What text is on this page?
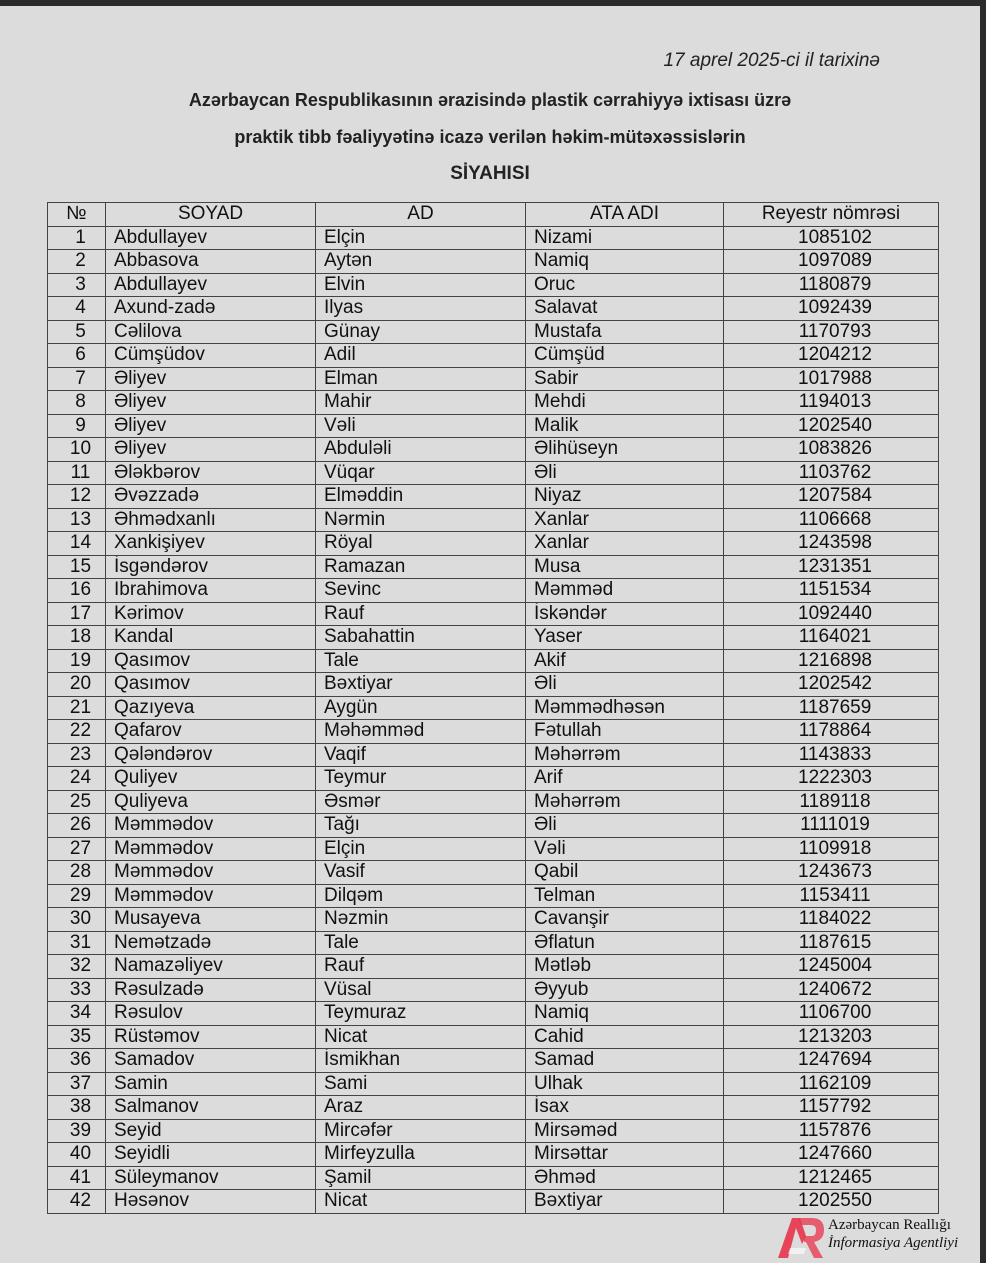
17 aprel 2025-ci il tarixinə
Azərbaycan Respublikasının ərazisində plastik cərrahiyyə ixtisası üzrə
praktik tibb fəaliyyətinə icazə verilən həkim-mütəxəssislərin
SİYAHISI
№	SOYAD	AD	ATA ADI	Reyestr nömrəsi
1	Abdullayev	Elçin	Nizami	1085102
2	Abbasova	Aytən	Namiq	1097089
3	Abdullayev	Elvin	Oruc	1180879
4	Axund-zadə	Ilyas	Salavat	1092439
5	Cəlilova	Günay	Mustafa	1170793
6	Cümşüdov	Adil	Cümşüd	1204212
7	Əliyev	Elman	Sabir	1017988
8	Əliyev	Mahir	Mehdi	1194013
9	Əliyev	Vəli	Malik	1202540
10	Əliyev	Abduləli	Əlihüseyn	1083826
11	Ələkbərov	Vüqar	Əli	1103762
12	Əvəzzadə	Elməddin	Niyaz	1207584
13	Əhmədxanlı	Nərmin	Xanlar	1106668
14	Xankişiyev	Röyal	Xanlar	1243598
15	İsgəndərov	Ramazan	Musa	1231351
16	Ibrahimova	Sevinc	Məmməd	1151534
17	Kərimov	Rauf	İskəndər	1092440
18	Kandal	Sabahattin	Yaser	1164021
19	Qasımov	Tale	Akif	1216898
20	Qasımov	Bəxtiyar	Əli	1202542
21	Qazıyeva	Aygün	Məmmədhəsən	1187659
22	Qafarov	Məhəmməd	Fətullah	1178864
23	Qələndərov	Vaqif	Məhərrəm	1143833
24	Quliyev	Teymur	Arif	1222303
25	Quliyeva	Əsmər	Məhərrəm	1189118
26	Məmmədov	Tağı	Əli	1111019
27	Məmmədov	Elçin	Vəli	1109918
28	Məmmədov	Vasif	Qabil	1243673
29	Məmmədov	Dilqəm	Telman	1153411
30	Musayeva	Nəzmin	Cavanşir	1184022
31	Nemətzadə	Tale	Əflatun	1187615
32	Namazəliyev	Rauf	Mətləb	1245004
33	Rəsulzadə	Vüsal	Əyyub	1240672
34	Rəsulov	Teymuraz	Namiq	1106700
35	Rüstəmov	Nicat	Cahid	1213203
36	Samadov	İsmikhan	Samad	1247694
37	Samin	Sami	Ulhak	1162109
38	Salmanov	Araz	İsax	1157792
39	Seyid	Mircəfər	Mirsəməd	1157876
40	Seyidli	Mirfeyzulla	Mirsəttar	1247660
41	Süleymanov	Şamil	Əhməd	1212465
42	Həsənov	Nicat	Bəxtiyar	1202550
Azərbaycan Reallığı
İnformasiya Agentliyi
